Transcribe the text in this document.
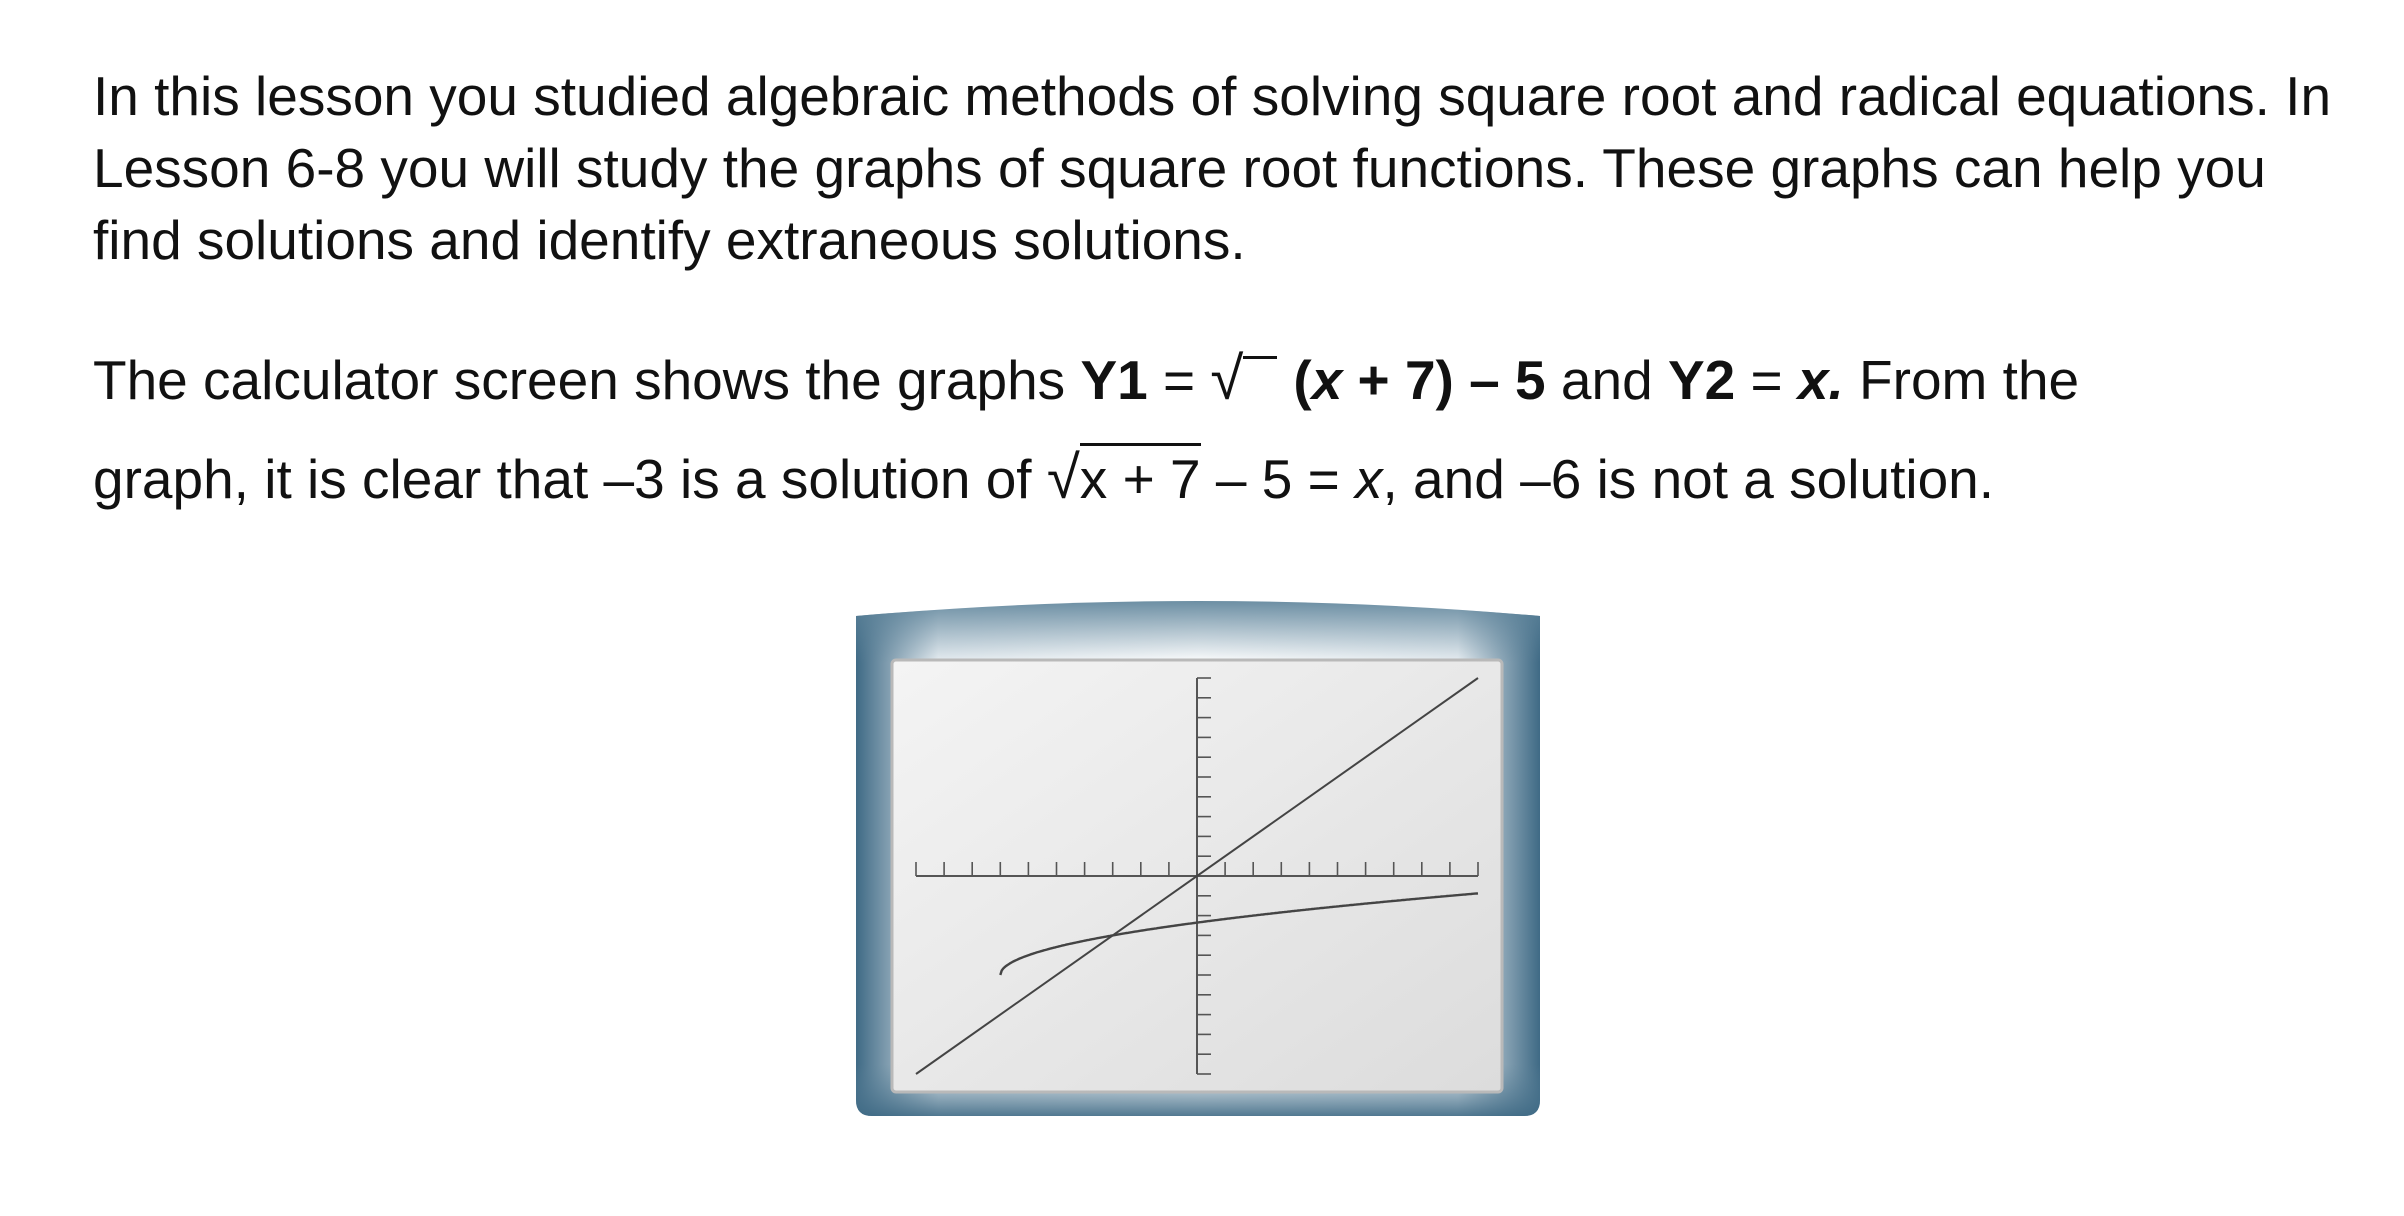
In this lesson you studied algebraic methods of solving square root and radical equations. In Lesson 6-8 you will study the graphs of square root functions. These graphs can help you find solutions and identify extraneous solutions.

The calculator screen shows the graphs Y1 = √ (x + 7) – 5 and Y2 = x. From the
graph, it is clear that –3 is a solution of √x + 7 – 5 = x, and –6 is not a solution.
